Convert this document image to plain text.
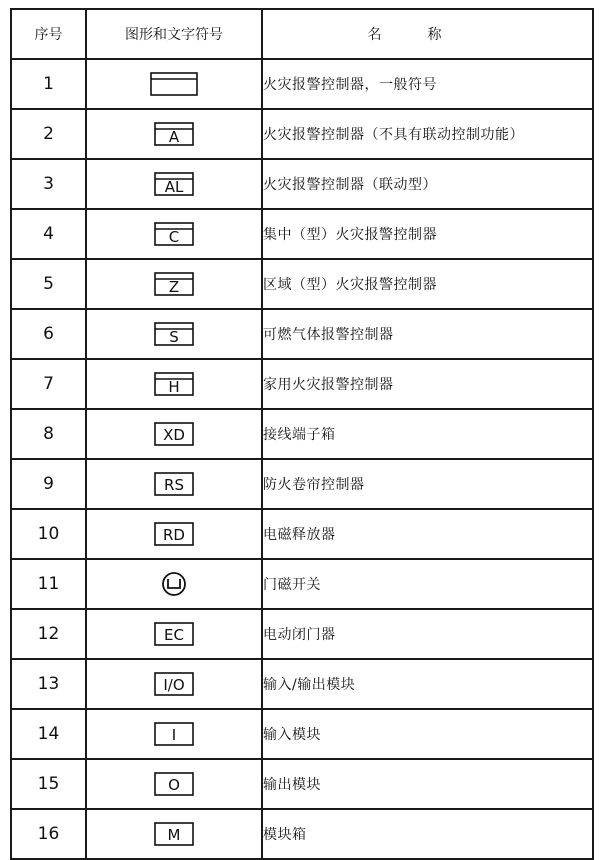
序号	图形和文字符号	名称
1		火灾报警控制器，一般符号
2	A	火灾报警控制器（不具有联动控制功能）
3	AL	火灾报警控制器（联动型）
4	C	集中（型）火灾报警控制器
5	Z	区域（型）火灾报警控制器
6	S	可燃气体报警控制器
7	H	家用火灾报警控制器
8	XD	接线端子箱
9	RS	防火卷帘控制器
10	RD	电磁释放器
11		门磁开关
12	EC	电动闭门器
13	I/O	输入/输出模块
14	I	输入模块
15	O	输出模块
16	M	模块箱
